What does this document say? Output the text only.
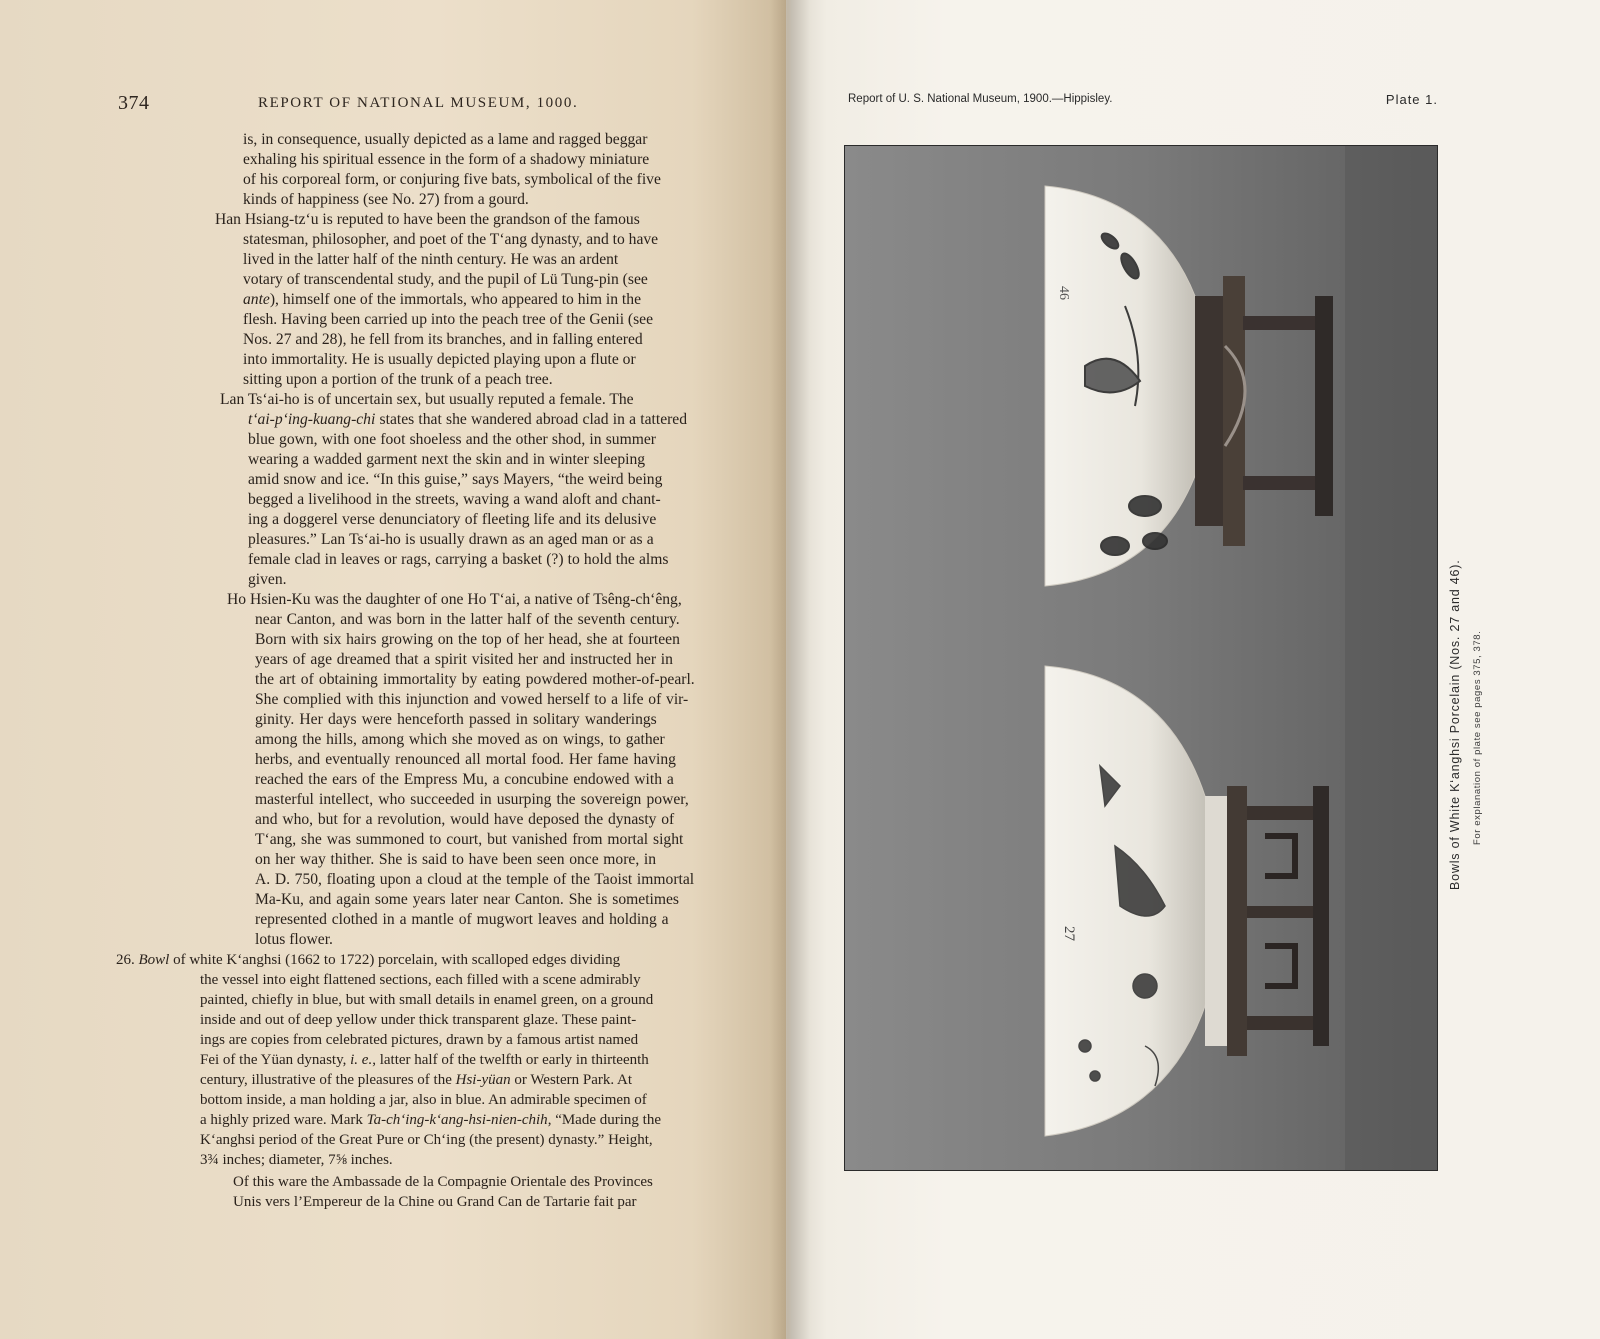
374	REPORT OF NATIONAL MUSEUM, 1000.
is, in consequence, usually depicted as a lame and ragged beggar
exhaling his spiritual essence in the form of a shadowy miniature
of his corporeal form, or conjuring five bats, symbolical of the five
kinds of happiness (see No. 27) from a gourd.
Han Hsiang-tz‘u is reputed to have been the grandson of the famous
statesman, philosopher, and poet of the T‘ang dynasty, and to have
lived in the latter half of the ninth century. He was an ardent
votary of transcendental study, and the pupil of Lü Tung-pin (see
ante), himself one of the immortals, who appeared to him in the
flesh. Having been carried up into the peach tree of the Genii (see
Nos. 27 and 28), he fell from its branches, and in falling entered
into immortality. He is usually depicted playing upon a flute or
sitting upon a portion of the trunk of a peach tree.
Lan Ts‘ai-ho is of uncertain sex, but usually reputed a female. The
t‘ai-p‘ing-kuang-chi states that she wandered abroad clad in a tattered
blue gown, with one foot shoeless and the other shod, in summer
wearing a wadded garment next the skin and in winter sleeping
amid snow and ice. “In this guise,” says Mayers, “the weird being
begged a livelihood in the streets, waving a wand aloft and chant-
ing a doggerel verse denunciatory of fleeting life and its delusive
pleasures.” Lan Ts‘ai-ho is usually drawn as an aged man or as a
female clad in leaves or rags, carrying a basket (?) to hold the alms
given.
Ho Hsien-Ku was the daughter of one Ho T‘ai, a native of Tsêng-ch‘êng,
near Canton, and was born in the latter half of the seventh century.
Born with six hairs growing on the top of her head, she at fourteen
years of age dreamed that a spirit visited her and instructed her in
the art of obtaining immortality by eating powdered mother-of-pearl.
She complied with this injunction and vowed herself to a life of vir-
ginity. Her days were henceforth passed in solitary wanderings
among the hills, among which she moved as on wings, to gather
herbs, and eventually renounced all mortal food. Her fame having
reached the ears of the Empress Mu, a concubine endowed with a
masterful intellect, who succeeded in usurping the sovereign power,
and who, but for a revolution, would have deposed the dynasty of
T‘ang, she was summoned to court, but vanished from mortal sight
on her way thither. She is said to have been seen once more, in
A. D. 750, floating upon a cloud at the temple of the Taoist immortal
Ma-Ku, and again some years later near Canton. She is sometimes
represented clothed in a mantle of mugwort leaves and holding a
lotus flower.
26. Bowl of white K‘anghsi (1662 to 1722) porcelain, with scalloped edges dividing
the vessel into eight flattened sections, each filled with a scene admirably
painted, chiefly in blue, but with small details in enamel green, on a ground
inside and out of deep yellow under thick transparent glaze. These paint-
ings are copies from celebrated pictures, drawn by a famous artist named
Fei of the Yüan dynasty, i. e., latter half of the twelfth or early in thirteenth
century, illustrative of the pleasures of the Hsi-yüan or Western Park. At
bottom inside, a man holding a jar, also in blue. An admirable specimen of
a highly prized ware. Mark Ta-ch‘ing-k‘ang-hsi-nien-chih, “Made during the
K‘anghsi period of the Great Pure or Ch‘ing (the present) dynasty.” Height,
3¾ inches; diameter, 7⅝ inches.
Of this ware the Ambassade de la Compagnie Orientale des Provinces
Unis vers l’Empereur de la Chine ou Grand Can de Tartarie fait par
Report of U. S. National Museum, 1900.—Hippisley.	Plate 1.
46
27
Bowls of White K‘anghsi Porcelain (Nos. 27 and 46). For explanation of plate see pages 375, 378.
